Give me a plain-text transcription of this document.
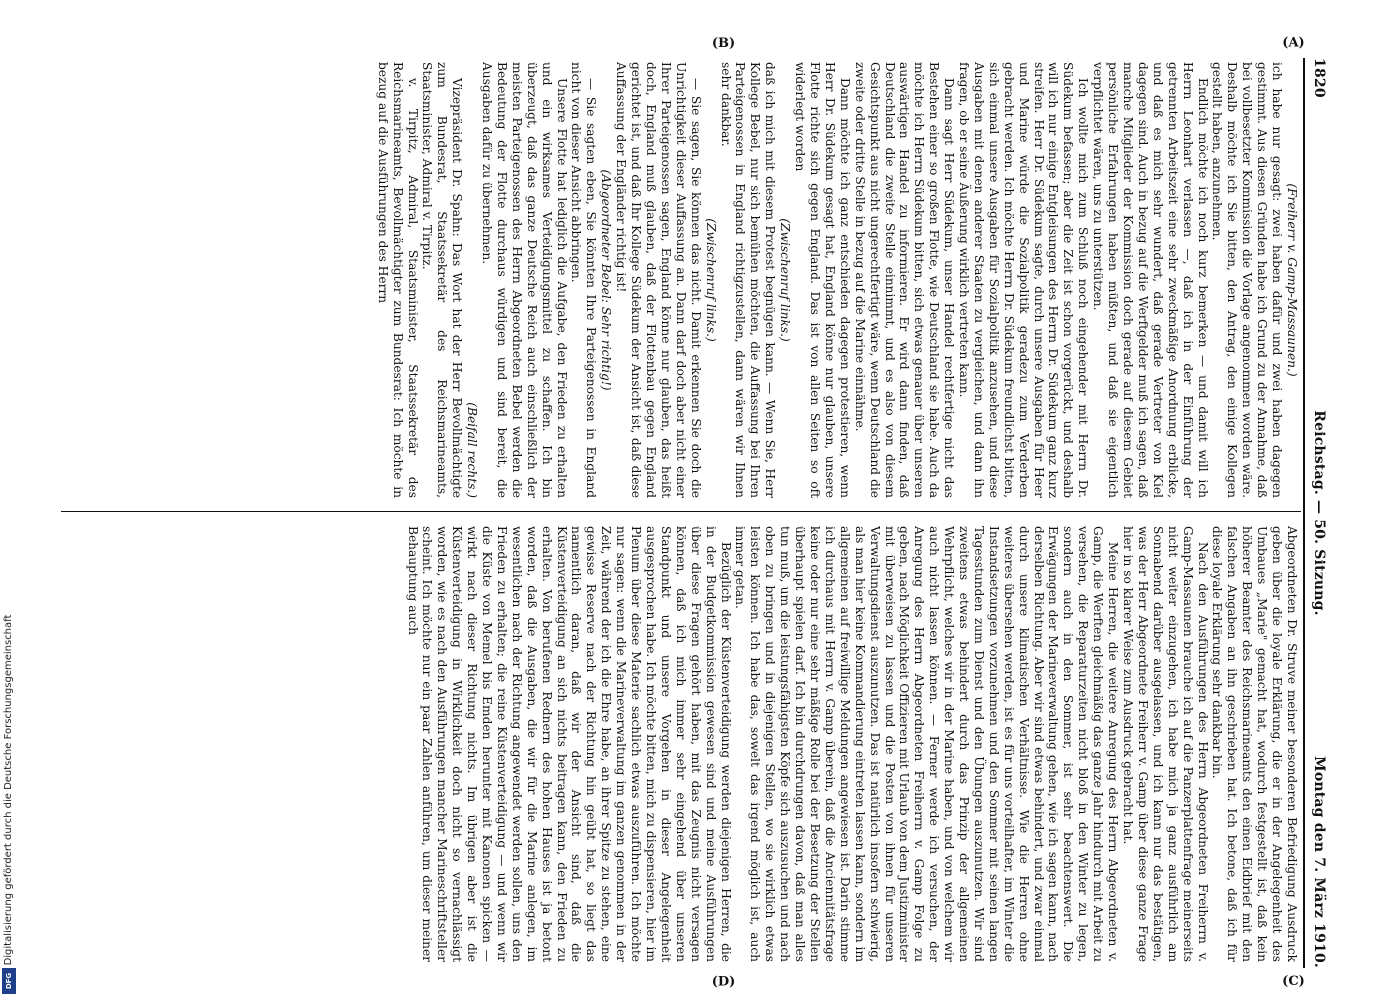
1820
Reichstag. — 50. Sitzung.
Montag den 7. März 1910.

(Freiherr v. Gamp-Massaunen.)

ich habe nur gesagt: zwei haben dafür und zwei haben dagegen gestimmt. Aus diesen Gründen habe ich Grund zu der Annahme, daß bei vollbesetzter Kommission die Vorlage angenommen worden wäre. Deshalb möchte ich Sie bitten, den Antrag, den einige Kollegen gestellt haben, anzunehmen.

Endlich möchte ich noch kurz bemerken — und damit will ich Herrn Leonhart verlassen —, daß ich in der Einführung der getrennten Arbeitszeit eine sehr zweckmäßige Anordnung erblicke, und daß es mich sehr wundert, daß gerade Vertreter von Kiel dagegen sind. Auch in bezug auf die Werftgelder muß ich sagen, daß manche Mitglieder der Kommission doch gerade auf diesem Gebiet persönliche Erfahrungen haben müßten, und daß sie eigentlich verpflichtet wären, uns zu unterstützen.

Ich wollte mich zum Schluß noch eingehender mit Herrn Dr. Südekum befassen; aber die Zeit ist schon vorgerückt, und deshalb will ich nur einige Entgleisungen des Herrn Dr. Südekum ganz kurz streifen. Herr Dr. Südekum sagte, durch unsere Ausgaben für Heer und Marine würde die Sozialpolitik geradezu zum Verderben gebracht werden. Ich möchte Herrn Dr. Südekum freundlichst bitten, sich einmal unsere Ausgaben für Sozialpolitik anzusehen, und diese Ausgaben mit denen anderer Staaten zu vergleichen, und dann ihn fragen, ob er seine Äußerung wirklich vertreten kann.

Dann sagt Herr Südekum, unser Handel rechtfertige nicht das Bestehen einer so großen Flotte, wie Deutschland sie habe. Auch da möchte ich Herrn Südekum bitten, sich etwas genauer über unseren auswärtigen Handel zu informieren. Er wird dann finden, daß Deutschland die zweite Stelle einnimmt, und es also von diesem Gesichtspunkt aus nicht ungerechtfertigt wäre, wenn Deutschland die zweite oder dritte Stelle in bezug auf die Marine einnähme.

Dann möchte ich ganz entschieden dagegen protestieren, wenn Herr Dr. Südekum gesagt hat, England könne nur glauben, unsere Flotte richte sich gegen England. Das ist von allen Seiten so oft widerlegt worden

(Zwischenruf links.)

daß ich mich mit diesem Protest begnügen kann. — Wenn Sie, Herr Kollege Bebel, nur sich bemühen möchten, die Auffassung bei Ihren Parteigenossen in England richtigzustellen, dann wären wir Ihnen sehr dankbar.

(Zwischenruf links.)

— Sie sagen, Sie können das nicht. Damit erkennen Sie doch die Unrichtigkeit dieser Auffassung an. Dann darf doch aber nicht einer Ihrer Parteigenossen sagen, England könne nur glauben, das heißt doch, England muß glauben, daß der Flottenbau gegen England gerichtet ist, und daß Ihr Kollege Südekum der Ansicht ist, daß diese Auffassung der Engländer richtig ist!

(Abgeordneter Bebel: Sehr richtig!)

— Sie sagten eben, Sie könnten Ihre Parteigenossen in England nicht von dieser Ansicht abbringen.

Unsere Flotte hat lediglich die Aufgabe, den Frieden zu erhalten und ein wirksames Verteidigungsmittel zu schaffen. Ich bin überzeugt, daß das ganze Deutsche Reich auch einschließlich der meisten Parteigenossen des Herrn Abgeordneten Bebel werden die Bedeutung der Flotte durchaus würdigen und sind bereit, die Ausgaben dafür zu übernehmen.

(Beifall rechts.)

Vizepräsident Dr. Spahn: Das Wort hat der Herr Bevollmächtigte zum Bundesrat, Staatssekretär des Reichsmarineamts, Staatsminister, Admiral v. Tirpitz.

v. Tirpitz, Admiral, Staatsminister, Staatssekretär des Reichsmarineamts, Bevollmächtigter zum Bundesrat: Ich möchte in bezug auf die Ausführungen des Herrn

Abgeordneten Dr. Struve meiner besonderen Befriedigung Ausdruck geben über die loyale Erklärung, die er in der Angelegenheit des Umbaues „Marie" gemacht hat, wodurch festgestellt ist, daß kein höherer Beamter des Reichsmarineamts den einen Eidbrief mit den falschen Angaben an ihn geschrieben hat. Ich betone, daß ich für diese loyale Erklärung sehr dankbar bin.

Nach den Ausführungen des Herrn Abgeordneten Freiherrn v. Gamp-Massaunen brauche ich auf die Panzerplattenfrage meinerseits nicht weiter einzugehen, ich habe mich ja ganz ausführlich am Sonnabend darüber ausgelassen, und ich kann nur das bestätigen, was der Herr Abgeordnete Freiherr v. Gamp über diese ganze Frage hier in so klarer Weise zum Ausdruck gebracht hat.

Meine Herren, die weitere Anregung des Herrn Abgeordneten v. Gamp, die Werften gleichmäßig das ganze Jahr hindurch mit Arbeit zu versehen, die Reparaturzeiten nicht bloß in den Winter zu legen, sondern auch in den Sommer, ist sehr beachtenswert. Die Erwägungen der Marineverwaltung gehen, wie ich sagen kann, nach derselben Richtung. Aber wir sind etwas behindert, und zwar einmal durch unsere klimatischen Verhältnisse. Wie die Herren ohne weiteres übersehen werden, ist es für uns vorteilhafter, im Winter die Instandsetzungen vorzunehmen und den Sommer mit seinen langen Tagesstunden zum Dienst und den Übungen auszunutzen. Wir sind zweitens etwas behindert durch das Prinzip der allgemeinen Wehrpflicht, welches wir in der Marine haben, und von welchem wir auch nicht lassen können. — Ferner werde ich versuchen, der Anregung des Herrn Abgeordneten Freiherrn v. Gamp Folge zu geben, nach Möglichkeit Offizieren mit Urlaub von dem Justizminister mit überweisen zu lassen und die Posten von ihnen für unseren Verwaltungsdienst auszunutzen. Das ist natürlich insofern schwierig, als man hier keine Kommandierung eintreten lassen kann, sondern im allgemeinen auf freiwillige Meldungen angewiesen ist. Darin stimme ich durchaus mit Herrn v. Gamp überein, daß die Anciennitätsfrage keine oder nur eine sehr mäßige Rolle bei der Besetzung der Stellen überhaupt spielen darf. Ich bin durchdrungen davon, daß man alles tun muß, um die leistungsfähigsten Köpfe sich auszusuchen und nach oben zu bringen und in diejenigen Stellen, wo sie wirklich etwas leisten können. Ich habe das, sowelt das irgend möglich ist, auch immer getan.

Bezüglich der Küstenverteidigung werden diejenigen Herren, die in der Budgetkommission gewesen sind und meine Ausführungen über diese Fragen gehört haben, mit das Zeugnis nicht versagen können, daß ich mich immer sehr eingehend über unseren Standpunkt und unsere Vorgehen in dieser Angelegenheit ausgesprochen habe. Ich möchte bitten, mich zu dispensieren, hier im Plenum über diese Materie sachlich etwas auszuführen. Ich möchte nur sagen: wenn die Marineverwaltung im ganzen genommen in der Zeit, während der ich die Ehre habe, an ihrer Spitze zu stehen, eine gewisse Reserve nach der Richtung hin geübt hat, so liegt das namentlich daran, daß wir der Ansicht sind, daß die Küstenverteidigung an sich nichts beitragen kann, den Frieden zu erhalten. Von berufenen Rednern des hohen Hauses ist ja betont worden, daß die Ausgaben, die wir für die Marine anlegen, im wesentlichen nach der Richtung angewendet werden sollen, uns den Frieden zu erhalten; die reine Küstenverteidigung — und wenn wir die Küste von Memel bis Emden herunter mit Kanonen spicken — wirkt nach dieser Richtung nichts. Im übrigen aber ist die Küstenverteidigung in Wirklichkeit doch nicht so vernachlässigt worden, wie es nach den Ausführungen mancher Marineschriftsteller scheint. Ich möchte nur ein paar Zahlen anführen, um dieser meiner Behauptung auch

(A)
(B)
(C)
(D)
Digitalisierung gefördert durch die Deutsche Forschungsgemeinschaft
DFG
